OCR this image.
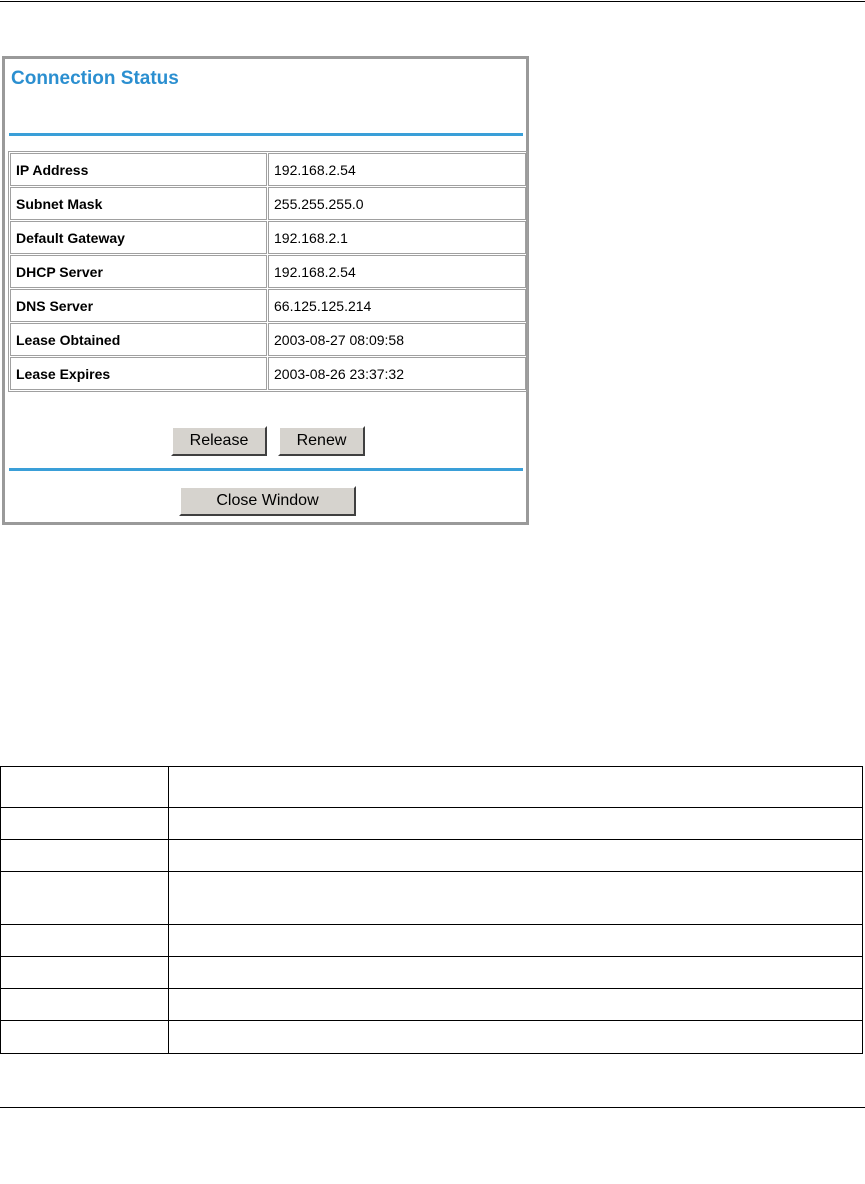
Connection Status
IP Address	192.168.2.54
Subnet Mask	255.255.255.0
Default Gateway	192.168.2.1
DHCP Server	192.168.2.54
DNS Server	66.125.125.214
Lease Obtained	2003-08-27 08:09:58
Lease Expires	2003-08-26 23:37:32
Release	Renew
Close Window
